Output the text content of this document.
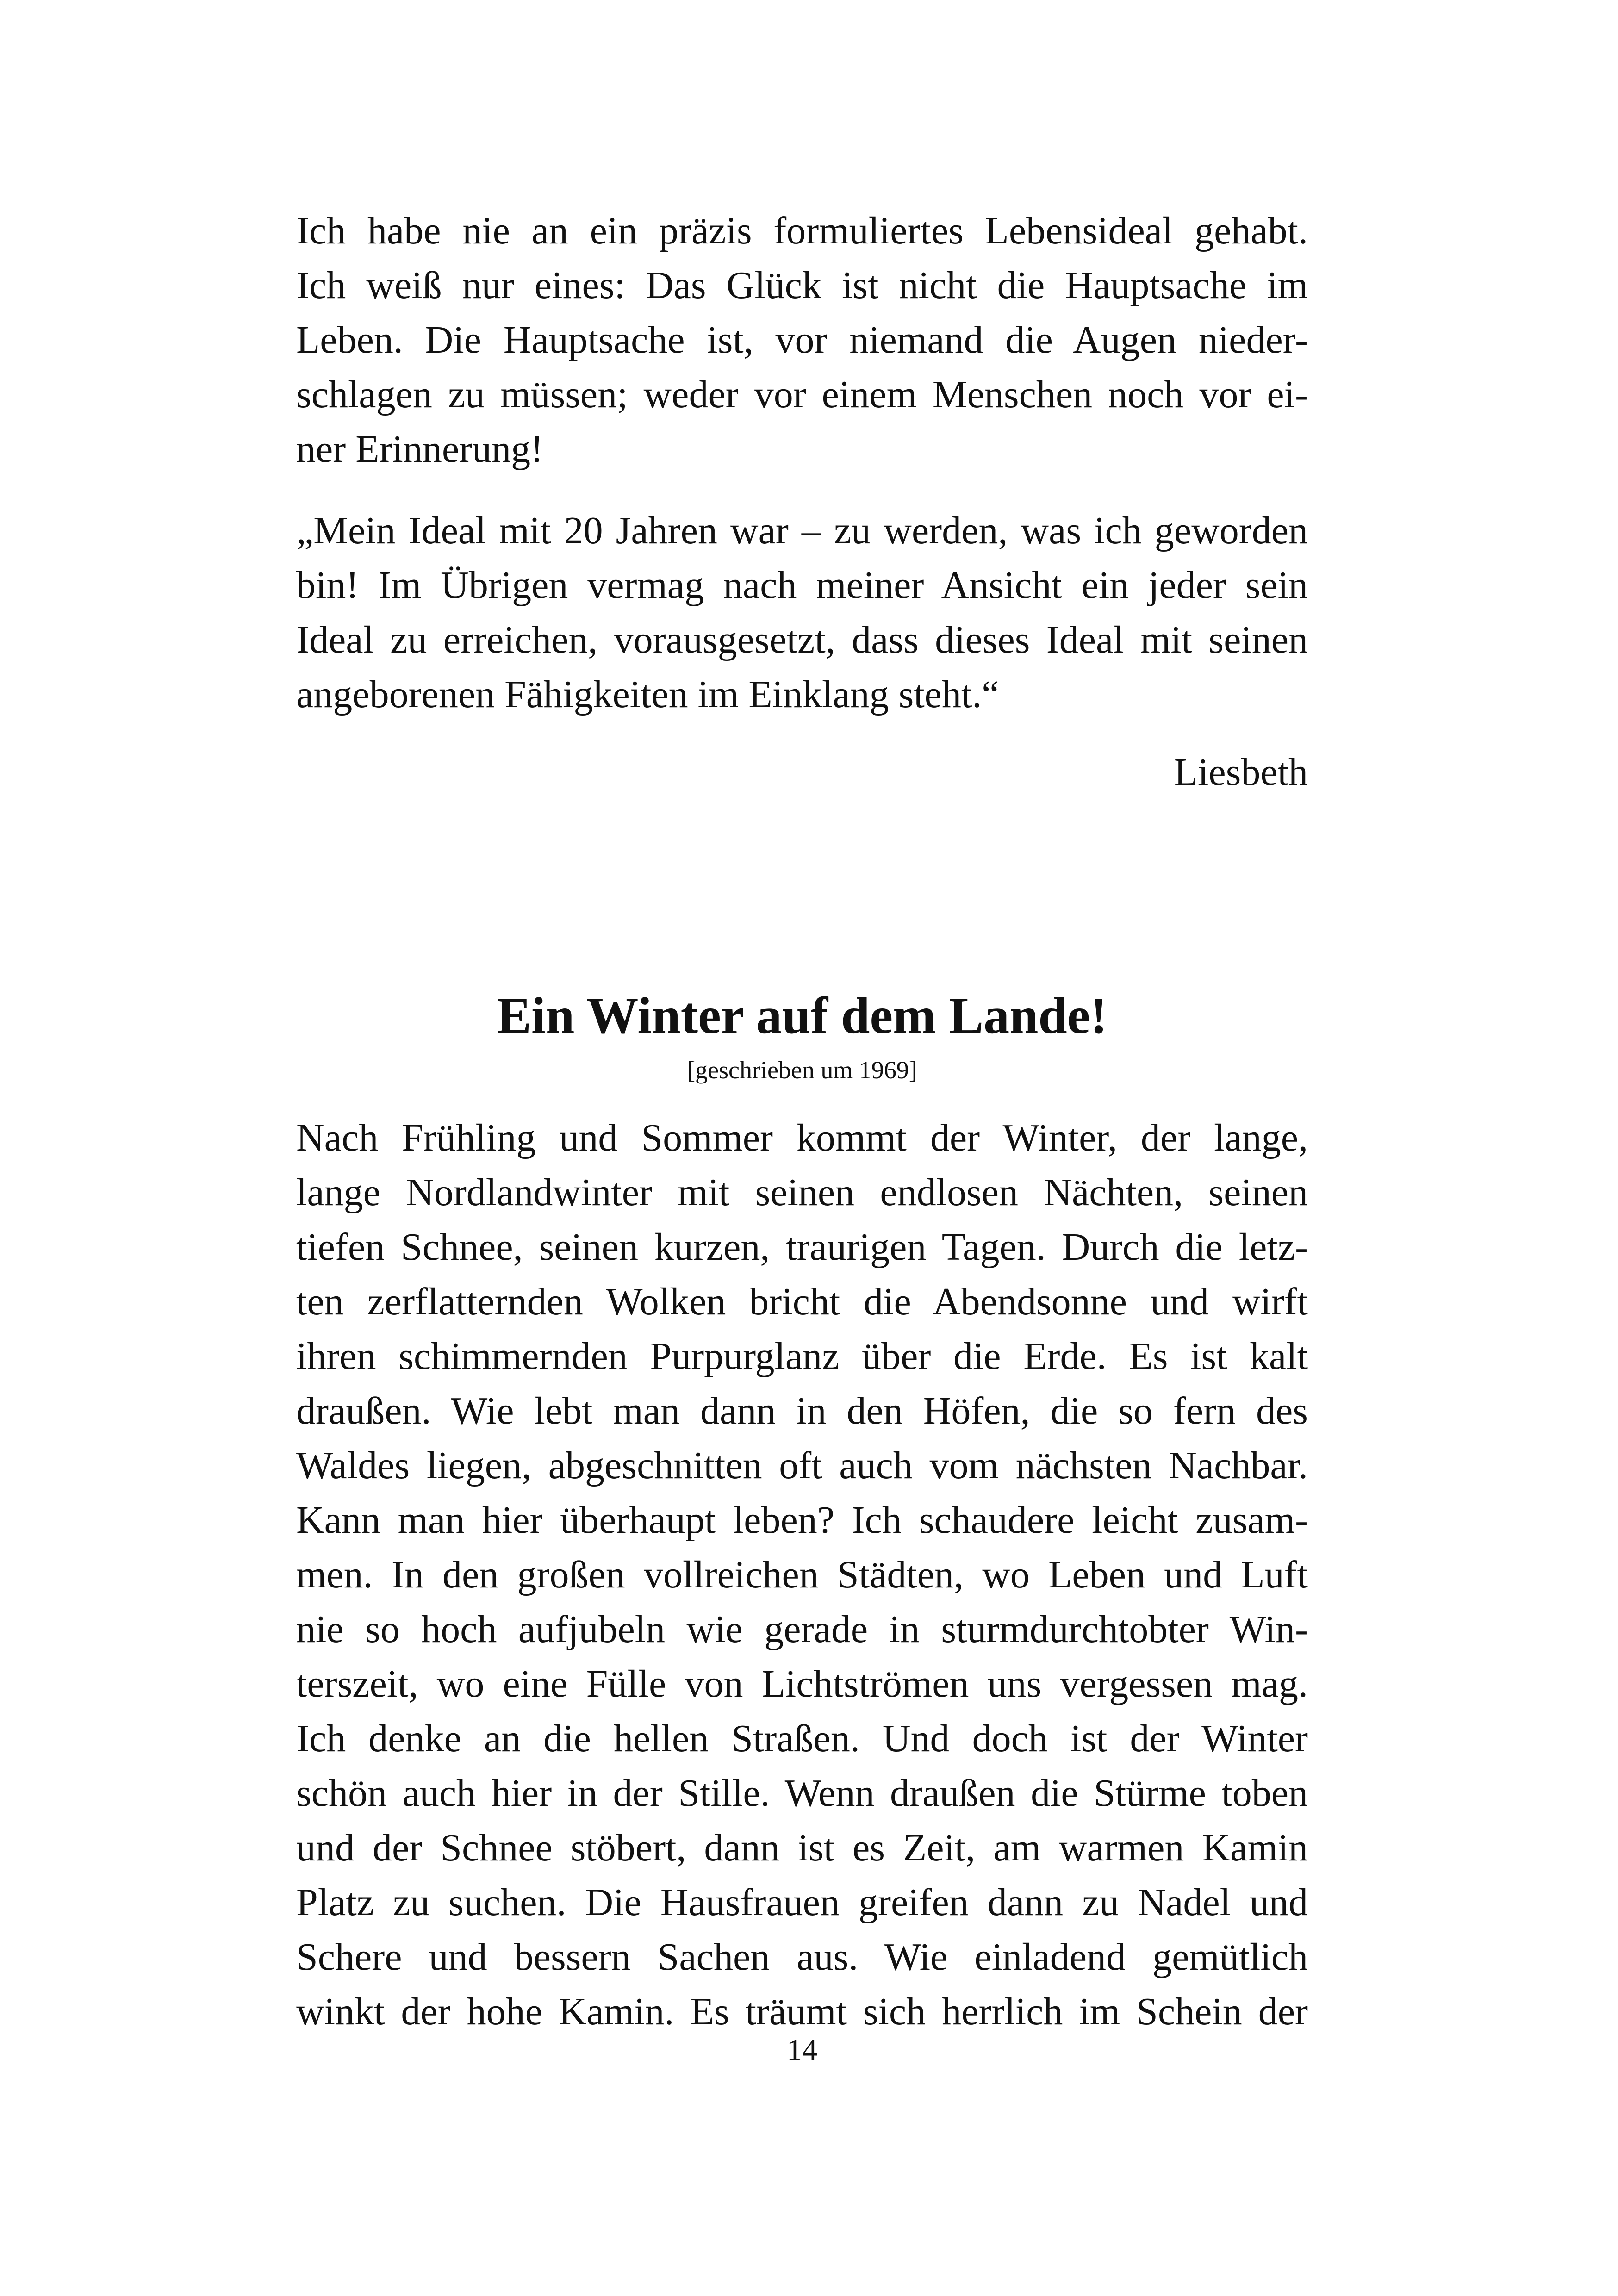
Ich habe nie an ein präzis formuliertes Lebensideal gehabt.
Ich weiß nur eines: Das Glück ist nicht die Hauptsache im
Leben. Die Hauptsache ist, vor niemand die Augen nieder-
schlagen zu müssen; weder vor einem Menschen noch vor ei-
ner Erinnerung!
„Mein Ideal mit 20 Jahren war – zu werden, was ich geworden
bin! Im Übrigen vermag nach meiner Ansicht ein jeder sein
Ideal zu erreichen, vorausgesetzt, dass dieses Ideal mit seinen
angeborenen Fähigkeiten im Einklang steht.“
Liesbeth
Ein Winter auf dem Lande!
[geschrieben um 1969]
Nach Frühling und Sommer kommt der Winter, der lange,
lange Nordlandwinter mit seinen endlosen Nächten, seinen
tiefen Schnee, seinen kurzen, traurigen Tagen. Durch die letz-
ten zerflatternden Wolken bricht die Abendsonne und wirft
ihren schimmernden Purpurglanz über die Erde. Es ist kalt
draußen. Wie lebt man dann in den Höfen, die so fern des
Waldes liegen, abgeschnitten oft auch vom nächsten Nachbar.
Kann man hier überhaupt leben? Ich schaudere leicht zusam-
men. In den großen vollreichen Städten, wo Leben und Luft
nie so hoch aufjubeln wie gerade in sturmdurchtobter Win-
terszeit, wo eine Fülle von Lichtströmen uns vergessen mag.
Ich denke an die hellen Straßen. Und doch ist der Winter
schön auch hier in der Stille. Wenn draußen die Stürme toben
und der Schnee stöbert, dann ist es Zeit, am warmen Kamin
Platz zu suchen. Die Hausfrauen greifen dann zu Nadel und
Schere und bessern Sachen aus. Wie einladend gemütlich
winkt der hohe Kamin. Es träumt sich herrlich im Schein der
14
